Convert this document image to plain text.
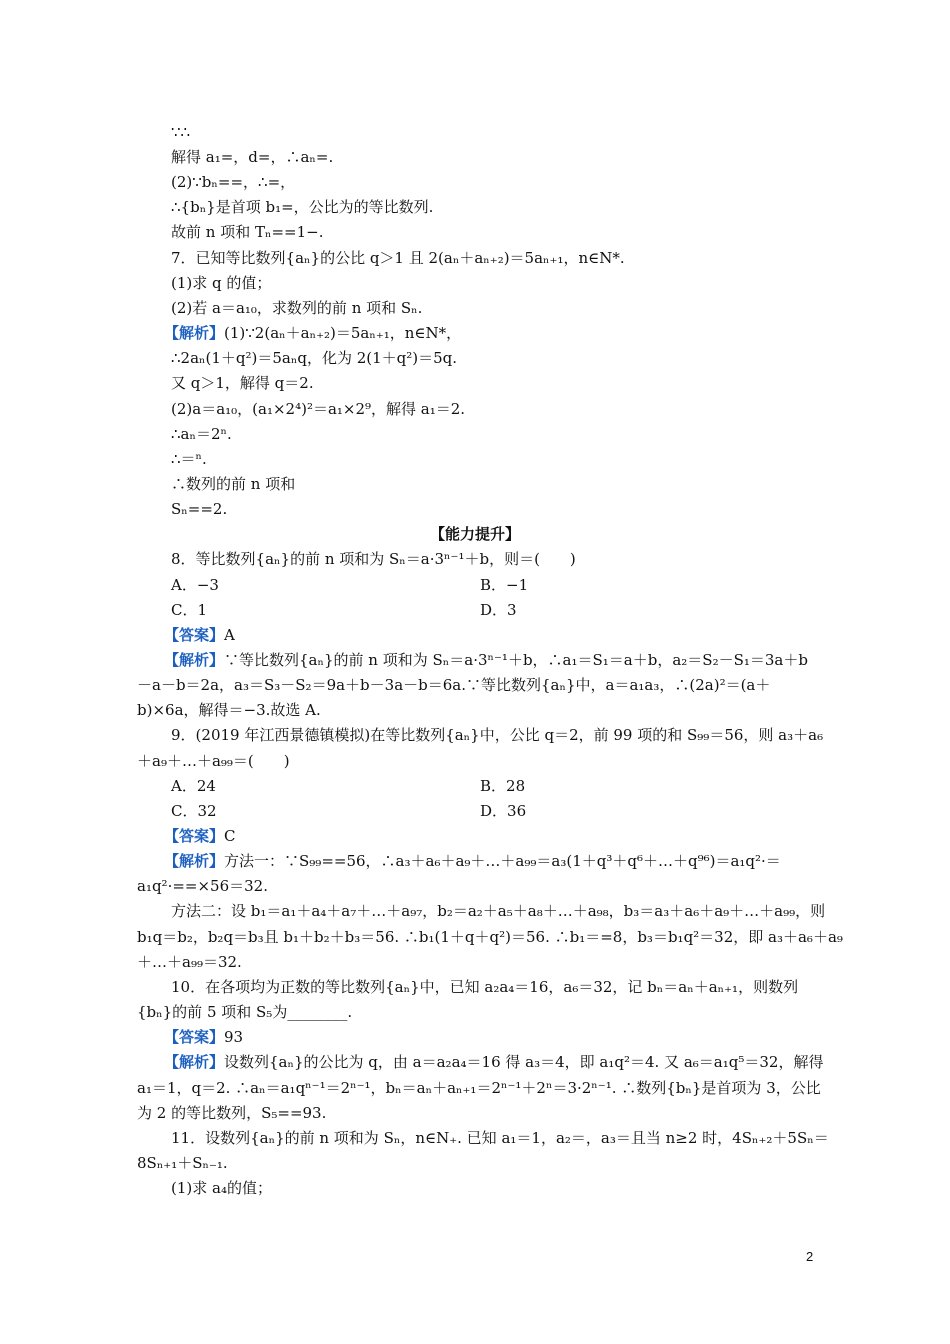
∵∴
解得 a₁=，d=，∴aₙ=.
(2)∵bₙ==，∴=，
∴{bₙ}是首项 b₁=，公比为的等比数列.
故前 n 项和 Tₙ==1−.
7．已知等比数列{aₙ}的公比 q＞1 且 2(aₙ＋aₙ₊₂)＝5aₙ₊₁，n∈N*.
(1)求 q 的值；
(2)若 a＝a₁₀，求数列的前 n 项和 Sₙ.
【解析】(1)∵2(aₙ＋aₙ₊₂)＝5aₙ₊₁，n∈N*，
∴2aₙ(1＋q²)＝5aₙq，化为 2(1＋q²)＝5q.
又 q＞1，解得 q＝2.
(2)a＝a₁₀，(a₁×2⁴)²＝a₁×2⁹，解得 a₁＝2.
∴aₙ＝2ⁿ.
∴＝ⁿ.
∴数列的前 n 项和
Sₙ==2.
【能力提升】
8．等比数列{aₙ}的前 n 项和为 Sₙ＝a·3ⁿ⁻¹＋b，则＝(　　)
A．−3	B．−1
C．1	D．3
【答案】A
【解析】∵等比数列{aₙ}的前 n 项和为 Sₙ＝a·3ⁿ⁻¹＋b，∴a₁＝S₁＝a＋b，a₂＝S₂－S₁＝3a＋b
－a－b＝2a，a₃＝S₃－S₂＝9a＋b－3a－b＝6a.∵等比数列{aₙ}中，a＝a₁a₃，∴(2a)²＝(a＋
b)×6a，解得＝−3.故选 A.
9．(2019 年江西景德镇模拟)在等比数列{aₙ}中，公比 q＝2，前 99 项的和 S₉₉＝56，则 a₃＋a₆
＋a₉＋…＋a₉₉＝(　　)
A．24	B．28
C．32	D．36
【答案】C
【解析】方法一：∵S₉₉==56，∴a₃＋a₆＋a₉＋…＋a₉₉＝a₃(1＋q³＋q⁶＋…＋q⁹⁶)＝a₁q²·＝
a₁q²·==×56＝32.
方法二：设 b₁＝a₁＋a₄＋a₇＋…＋a₉₇，b₂＝a₂＋a₅＋a₈＋…＋a₉₈，b₃＝a₃＋a₆＋a₉＋…＋a₉₉，则
b₁q＝b₂，b₂q＝b₃且 b₁＋b₂＋b₃＝56. ∴b₁(1＋q＋q²)＝56. ∴b₁＝=8，b₃＝b₁q²＝32，即 a₃＋a₆＋a₉
＋…＋a₉₉＝32.
10．在各项均为正数的等比数列{aₙ}中，已知 a₂a₄＝16，a₆＝32，记 bₙ＝aₙ＋aₙ₊₁，则数列
{bₙ}的前 5 项和 S₅为________.
【答案】93
【解析】设数列{aₙ}的公比为 q，由 a＝a₂a₄＝16 得 a₃＝4，即 a₁q²＝4. 又 a₆＝a₁q⁵＝32，解得
a₁＝1，q＝2. ∴aₙ＝a₁qⁿ⁻¹＝2ⁿ⁻¹，bₙ＝aₙ＋aₙ₊₁＝2ⁿ⁻¹＋2ⁿ＝3·2ⁿ⁻¹. ∴数列{bₙ}是首项为 3，公比
为 2 的等比数列，S₅==93.
11．设数列{aₙ}的前 n 项和为 Sₙ，n∈N₊. 已知 a₁＝1，a₂＝，a₃＝且当 n≥2 时，4Sₙ₊₂＋5Sₙ＝
8Sₙ₊₁＋Sₙ₋₁.
(1)求 a₄的值；
2
